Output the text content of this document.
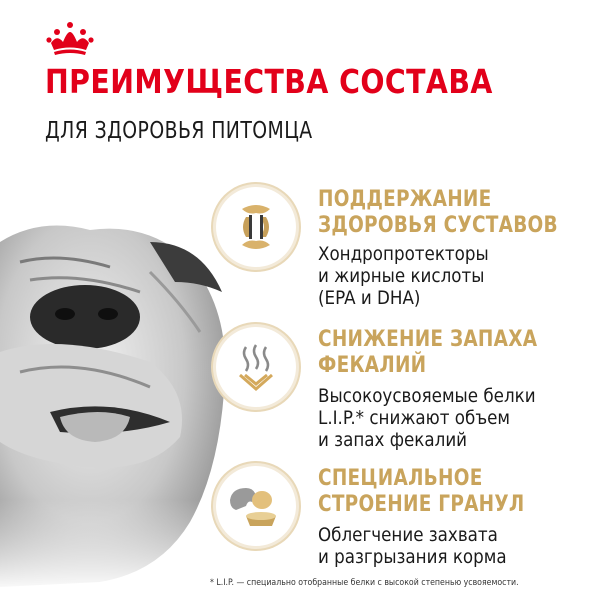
ПРЕИМУЩЕСТВА СОСТАВА
ДЛЯ ЗДОРОВЬЯ ПИТОМЦА
ПОДДЕРЖАНИЕ
ЗДОРОВЬЯ СУСТАВОВ
Хондропротекторы
и жирные кислоты
(EPA и DHA)
СНИЖЕНИЕ ЗАПАХА
ФЕКАЛИЙ
Высокоусвояемые белки
L.I.P.* снижают объем
и запах фекалий
СПЕЦИАЛЬНОЕ
СТРОЕНИЕ ГРАНУЛ
Облегчение захвата
и разгрызания корма
* L.I.P. — специально отобранные белки с высокой степенью усвояемости.
